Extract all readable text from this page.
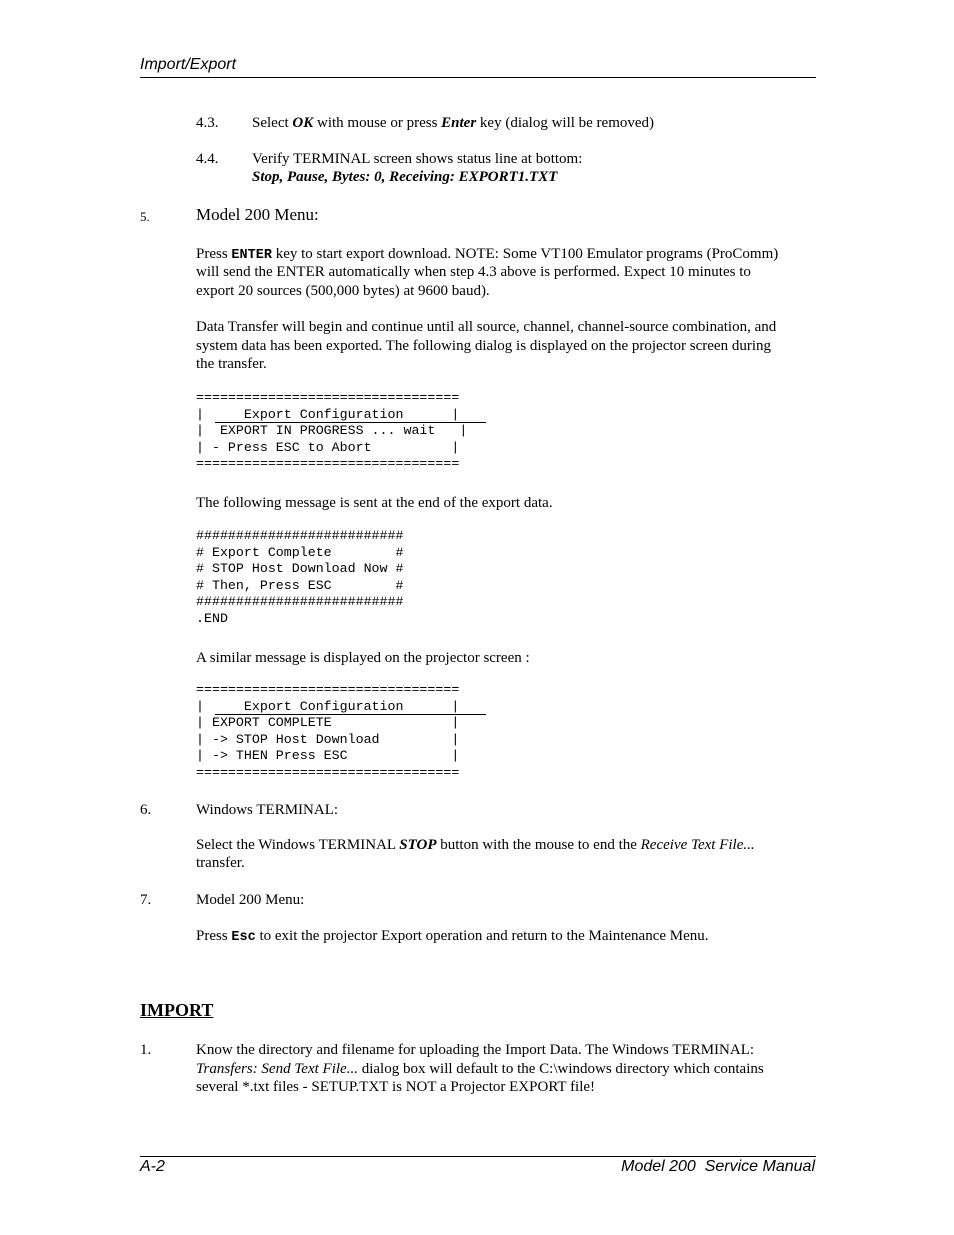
Import/Export
4.3. Select OK with mouse or press Enter key (dialog will be removed)
4.4. Verify TERMINAL screen shows status line at bottom:
Stop, Pause, Bytes: 0, Receiving: EXPORT1.TXT
5.	Model 200 Menu:
Press ENTER key to start export download. NOTE: Some VT100 Emulator programs (ProComm)
will send the ENTER automatically when step 4.3 above is performed. Expect 10 minutes to
export 20 sources (500,000 bytes) at 9600 baud).
Data Transfer will begin and continue until all source, channel, channel-source combination, and
system data has been exported. The following dialog is displayed on the projector screen during
the transfer.
=================================
|     Export Configuration      |
|  EXPORT IN PROGRESS ... wait   |
| - Press ESC to Abort          |
=================================
The following message is sent at the end of the export data.
##########################
# Export Complete        #
# STOP Host Download Now #
# Then, Press ESC        #
##########################
.END
A similar message is displayed on the projector screen :
=================================
|     Export Configuration      |
| EXPORT COMPLETE               |
| -> STOP Host Download         |
| -> THEN Press ESC             |
=================================
6.	Windows TERMINAL:
Select the Windows TERMINAL STOP button with the mouse to end the Receive Text File...
transfer.
7.	Model 200 Menu:
Press Esc to exit the projector Export operation and return to the Maintenance Menu.
IMPORT
1.	Know the directory and filename for uploading the Import Data. The Windows TERMINAL:
Transfers: Send Text File... dialog box will default to the C:\windows directory which contains
several *.txt files - SETUP.TXT is NOT a Projector EXPORT file!
A-2	Model 200  Service Manual
